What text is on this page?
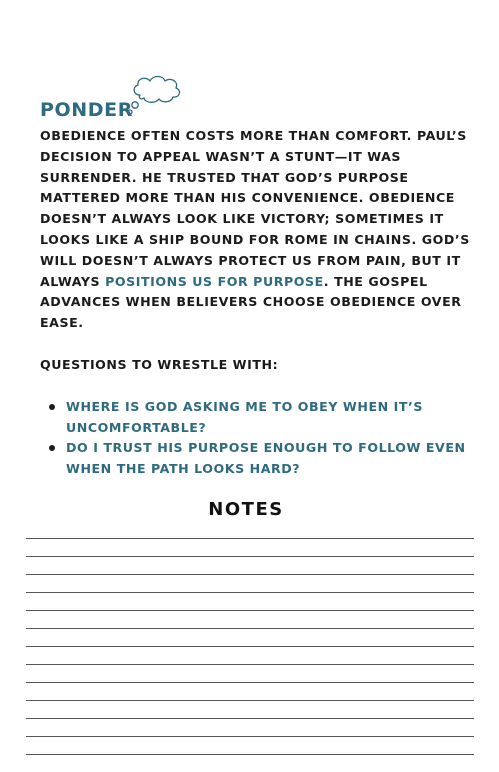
PONDER

OBEDIENCE OFTEN COSTS MORE THAN COMFORT. PAUL’S DECISION TO APPEAL WASN’T A STUNT—IT WAS SURRENDER. HE TRUSTED THAT GOD’S PURPOSE MATTERED MORE THAN HIS CONVENIENCE. OBEDIENCE DOESN’T ALWAYS LOOK LIKE VICTORY; SOMETIMES IT LOOKS LIKE A SHIP BOUND FOR ROME IN CHAINS. GOD’S WILL DOESN’T ALWAYS PROTECT US FROM PAIN, BUT IT ALWAYS POSITIONS US FOR PURPOSE. THE GOSPEL ADVANCES WHEN BELIEVERS CHOOSE OBEDIENCE OVER EASE.

QUESTIONS TO WRESTLE WITH:

WHERE IS GOD ASKING ME TO OBEY WHEN IT’S UNCOMFORTABLE?
DO I TRUST HIS PURPOSE ENOUGH TO FOLLOW EVEN WHEN THE PATH LOOKS HARD?
NOTES
